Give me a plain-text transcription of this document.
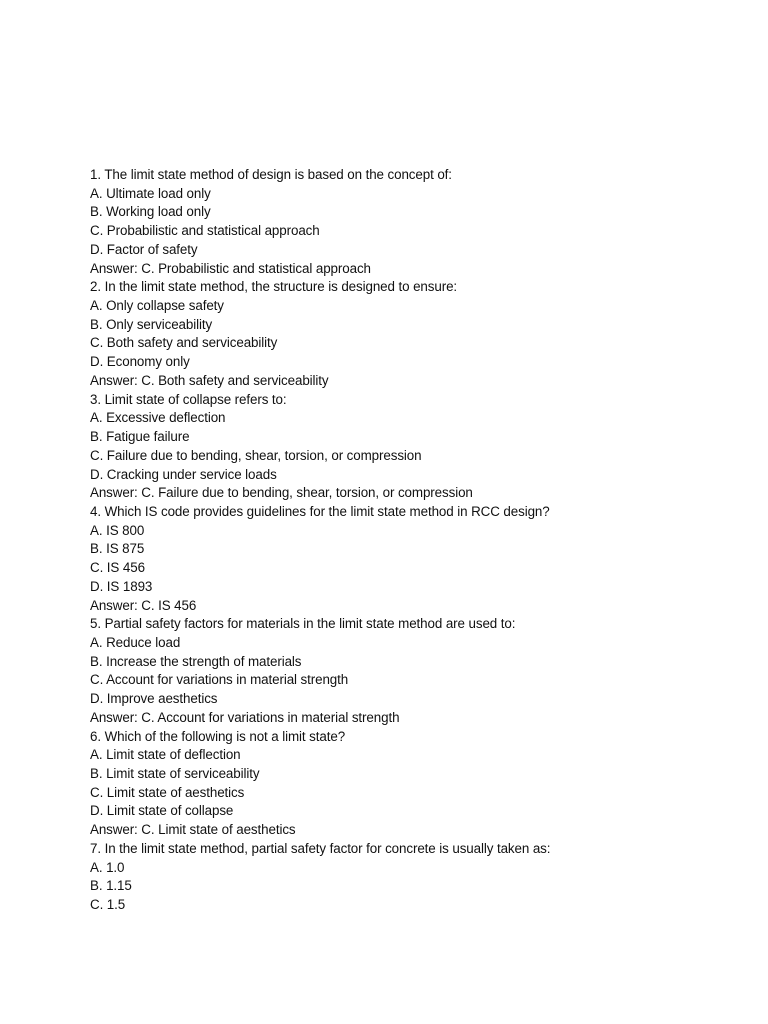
1. The limit state method of design is based on the concept of:
A. Ultimate load only
B. Working load only
C. Probabilistic and statistical approach
D. Factor of safety
Answer: C. Probabilistic and statistical approach
2. In the limit state method, the structure is designed to ensure:
A. Only collapse safety
B. Only serviceability
C. Both safety and serviceability
D. Economy only
Answer: C. Both safety and serviceability
3. Limit state of collapse refers to:
A. Excessive deflection
B. Fatigue failure
C. Failure due to bending, shear, torsion, or compression
D. Cracking under service loads
Answer: C. Failure due to bending, shear, torsion, or compression
4. Which IS code provides guidelines for the limit state method in RCC design?
A. IS 800
B. IS 875
C. IS 456
D. IS 1893
Answer: C. IS 456
5. Partial safety factors for materials in the limit state method are used to:
A. Reduce load
B. Increase the strength of materials
C. Account for variations in material strength
D. Improve aesthetics
Answer: C. Account for variations in material strength
6. Which of the following is not a limit state?
A. Limit state of deflection
B. Limit state of serviceability
C. Limit state of aesthetics
D. Limit state of collapse
Answer: C. Limit state of aesthetics
7. In the limit state method, partial safety factor for concrete is usually taken as:
A. 1.0
B. 1.15
C. 1.5
